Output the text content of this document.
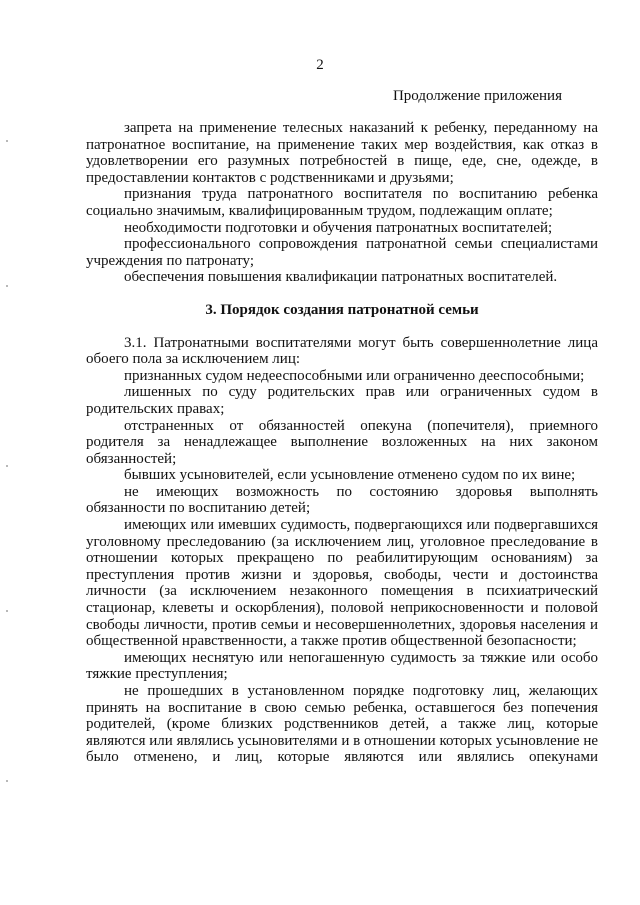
2
Продолжение приложения

запрета на применение телесных наказаний к ребенку, переданному на патронатное воспитание, на применение таких мер воздействия, как отказ в удовлетворении его разумных потребностей в пище, еде, сне, одежде, в предоставлении контактов с родственниками и друзьями;

признания труда патронатного воспитателя по воспитанию ребенка социально значимым, квалифицированным трудом, подлежащим оплате;

необходимости подготовки и обучения патронатных воспитателей;

профессионального сопровождения патронатной семьи специалистами учреждения по патронату;

обеспечения повышения квалификации патронатных воспитателей.

3. Порядок создания патронатной семьи

3.1. Патронатными воспитателями могут быть совершеннолетние лица обоего пола за исключением лиц:

признанных судом недееспособными или ограниченно дееспособными;

лишенных по суду родительских прав или ограниченных судом в родительских правах;

отстраненных от обязанностей опекуна (попечителя), приемного родителя за ненадлежащее выполнение возложенных на них законом обязанностей;

бывших усыновителей, если усыновление отменено судом по их вине;

не имеющих возможность по состоянию здоровья выполнять обязанности по воспитанию детей;

имеющих или имевших судимость, подвергающихся или подвергавшихся уголовному преследованию (за исключением лиц, уголовное преследование в отношении которых прекращено по реабилитирующим основаниям) за преступления против жизни и здоровья, свободы, чести и достоинства личности (за исключением незаконного помещения в психиатрический стационар, клеветы и оскорбления), половой неприкосновенности и половой свободы личности, против семьи и несовершеннолетних, здоровья населения и общественной нравственности, а также против общественной безопасности;

имеющих неснятую или непогашенную судимость за тяжкие или особо тяжкие преступления;

не прошедших в установленном порядке подготовку лиц, желающих принять на воспитание в свою семью ребенка, оставшегося без попечения родителей, (кроме близких родственников детей, а также лиц, которые являются или являлись усыновителями и в отношении которых усыновление не было отменено, и лиц, которые являются или являлись опекунами
